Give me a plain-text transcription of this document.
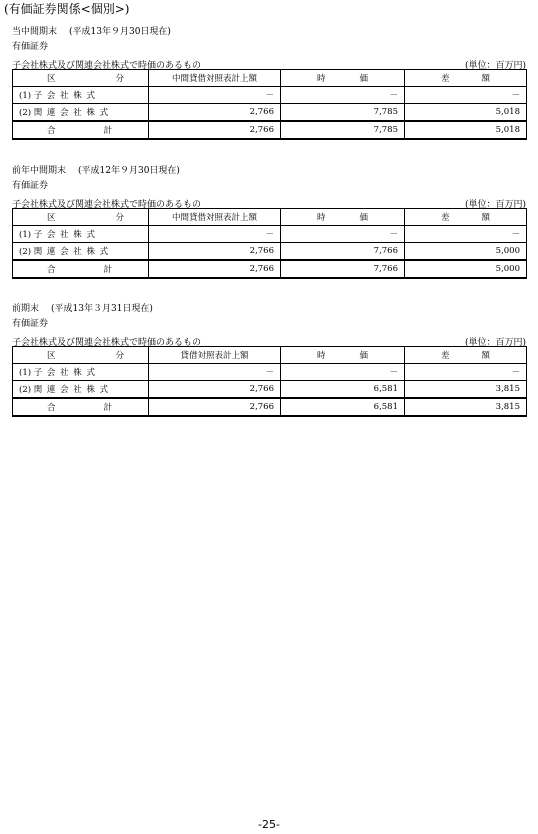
(有価証券関係<個別>)
当中間期末 (平成13年９月30日現在)
有価証券
子会社株式及び関連会社株式で時価のあるもの	(単位：百万円)
区 分	中間貸借対照表計上額	時 価	差 額

(1) 子会社株式	－	－	－
(2) 関連会社株式	2,766	7,785	5,018

合 計	2,766	7,785	5,018
前年中間期末 (平成12年９月30日現在)
有価証券
子会社株式及び関連会社株式で時価のあるもの	(単位：百万円)
区 分	中間貸借対照表計上額	時 価	差 額

(1) 子会社株式	－	－	－
(2) 関連会社株式	2,766	7,766	5,000

合 計	2,766	7,766	5,000
前期末 (平成13年３月31日現在)
有価証券
子会社株式及び関連会社株式で時価のあるもの	(単位：百万円)
区 分	貸借対照表計上額	時 価	差 額

(1) 子会社株式	－	－	－
(2) 関連会社株式	2,766	6,581	3,815

合 計	2,766	6,581	3,815
-25-
